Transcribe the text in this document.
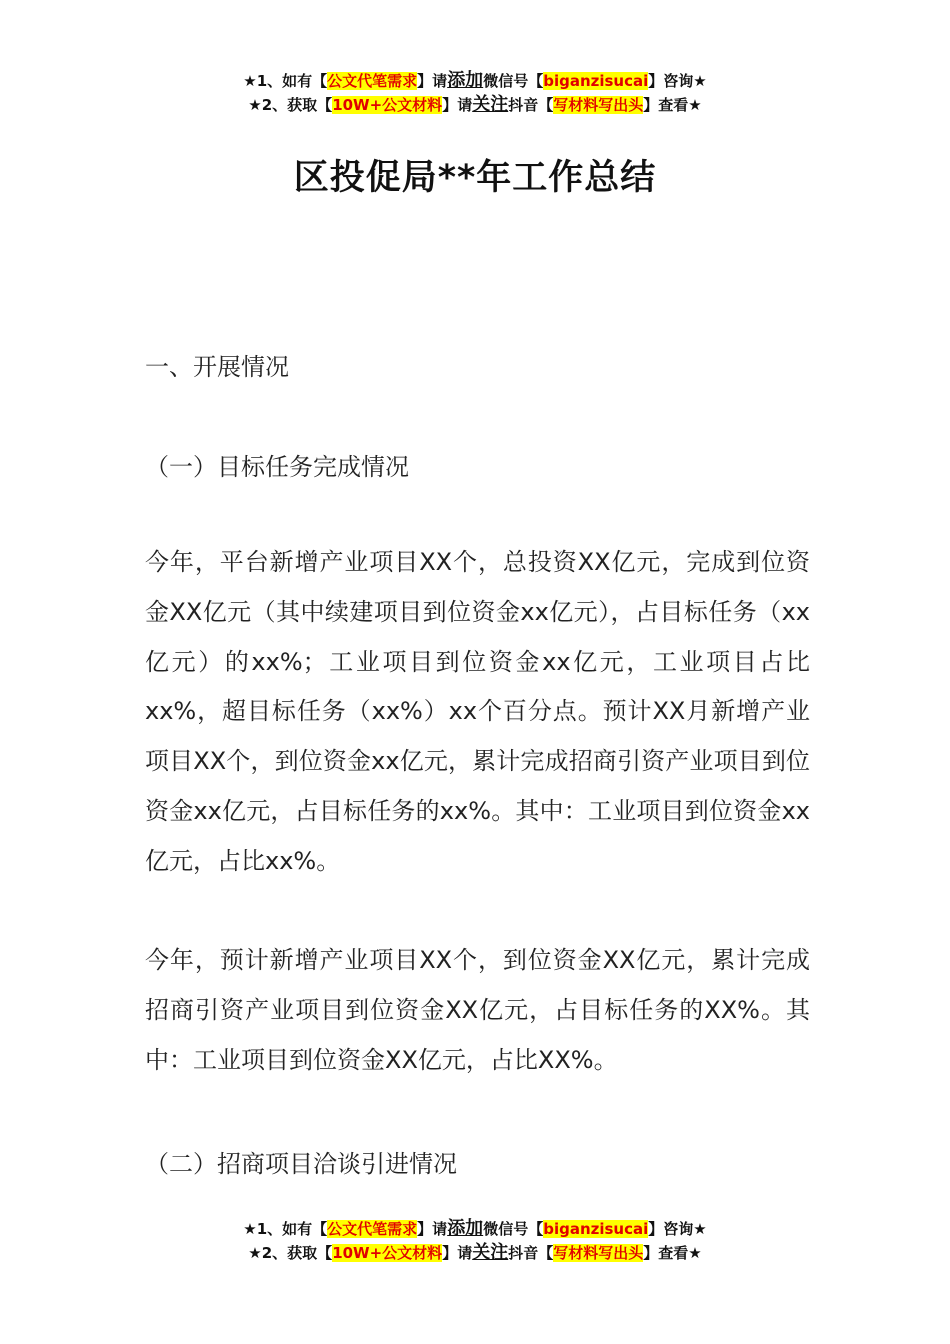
★1、如有【公文代笔需求】请添加微信号【biganzisucai】咨询★
★2、获取【10W+公文材料】请关注抖音【写材料写出头】查看★
区投促局**年工作总结
一、开展情况
（一）目标任务完成情况
今年，平台新增产业项目XX个，总投资XX亿元，完成到位资金XX亿元（其中续建项目到位资金xx亿元），占目标任务（xx亿元）的xx%；工业项目到位资金xx亿元，工业项目占比xx%，超目标任务（xx%）xx个百分点。预计XX月新增产业项目XX个，到位资金xx亿元，累计完成招商引资产业项目到位资金xx亿元，占目标任务的xx%。其中：工业项目到位资金xx亿元，占比xx%。
今年，预计新增产业项目XX个，到位资金XX亿元，累计完成招商引资产业项目到位资金XX亿元，占目标任务的XX%。其中：工业项目到位资金XX亿元，占比XX%。
（二）招商项目洽谈引进情况
★1、如有【公文代笔需求】请添加微信号【biganzisucai】咨询★
★2、获取【10W+公文材料】请关注抖音【写材料写出头】查看★
